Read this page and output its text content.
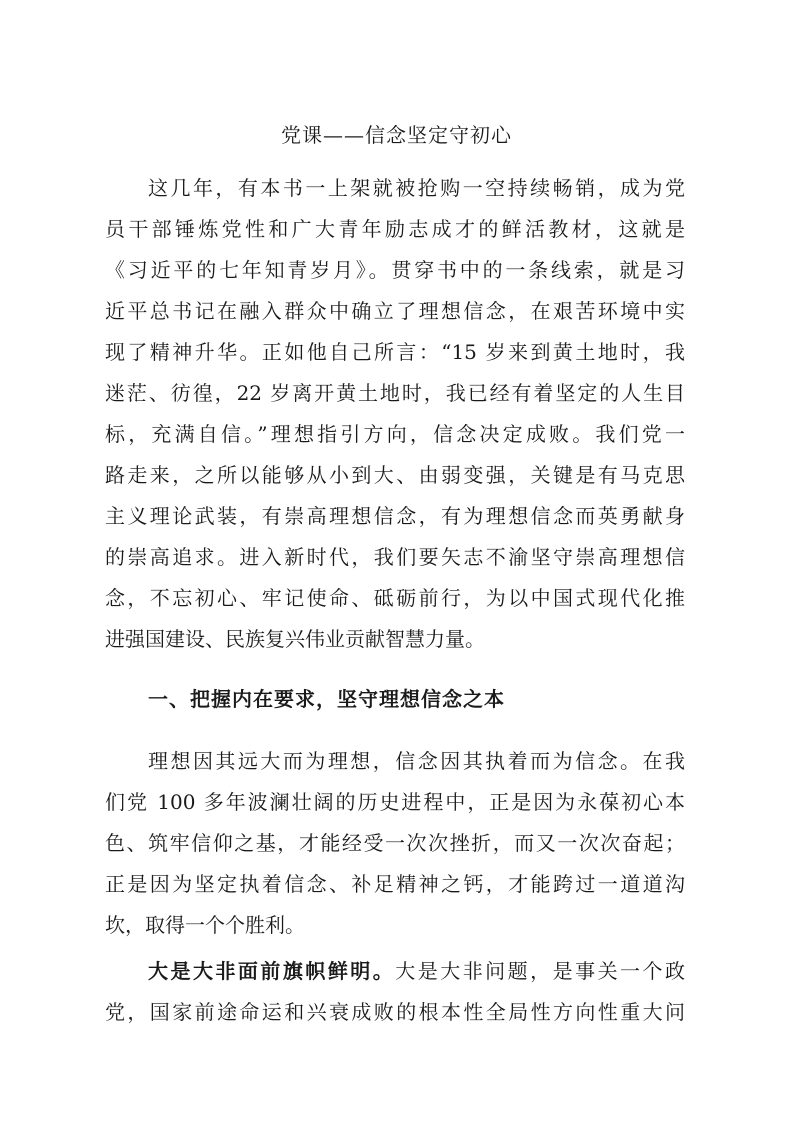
党课——信念坚定守初心
这几年，有本书一上架就被抢购一空持续畅销，成为党
员干部锤炼党性和广大青年励志成才的鲜活教材，这就是
《习近平的七年知青岁月》。贯穿书中的一条线索，就是习
近平总书记在融入群众中确立了理想信念，在艰苦环境中实
现了精神升华。正如他自己所言：“15 岁来到黄土地时，我
迷茫、彷徨，22 岁离开黄土地时，我已经有着坚定的人生目
标，充满自信。”理想指引方向，信念决定成败。我们党一
路走来，之所以能够从小到大、由弱变强，关键是有马克思
主义理论武装，有崇高理想信念，有为理想信念而英勇献身
的崇高追求。进入新时代，我们要矢志不渝坚守崇高理想信
念，不忘初心、牢记使命、砥砺前行，为以中国式现代化推
进强国建设、民族复兴伟业贡献智慧力量。
一、把握内在要求，坚守理想信念之本
理想因其远大而为理想，信念因其执着而为信念。在我
们党 100 多年波澜壮阔的历史进程中，正是因为永葆初心本
色、筑牢信仰之基，才能经受一次次挫折，而又一次次奋起；
正是因为坚定执着信念、补足精神之钙，才能跨过一道道沟
坎，取得一个个胜利。
大是大非面前旗帜鲜明。大是大非问题，是事关一个政
党，国家前途命运和兴衰成败的根本性全局性方向性重大问
